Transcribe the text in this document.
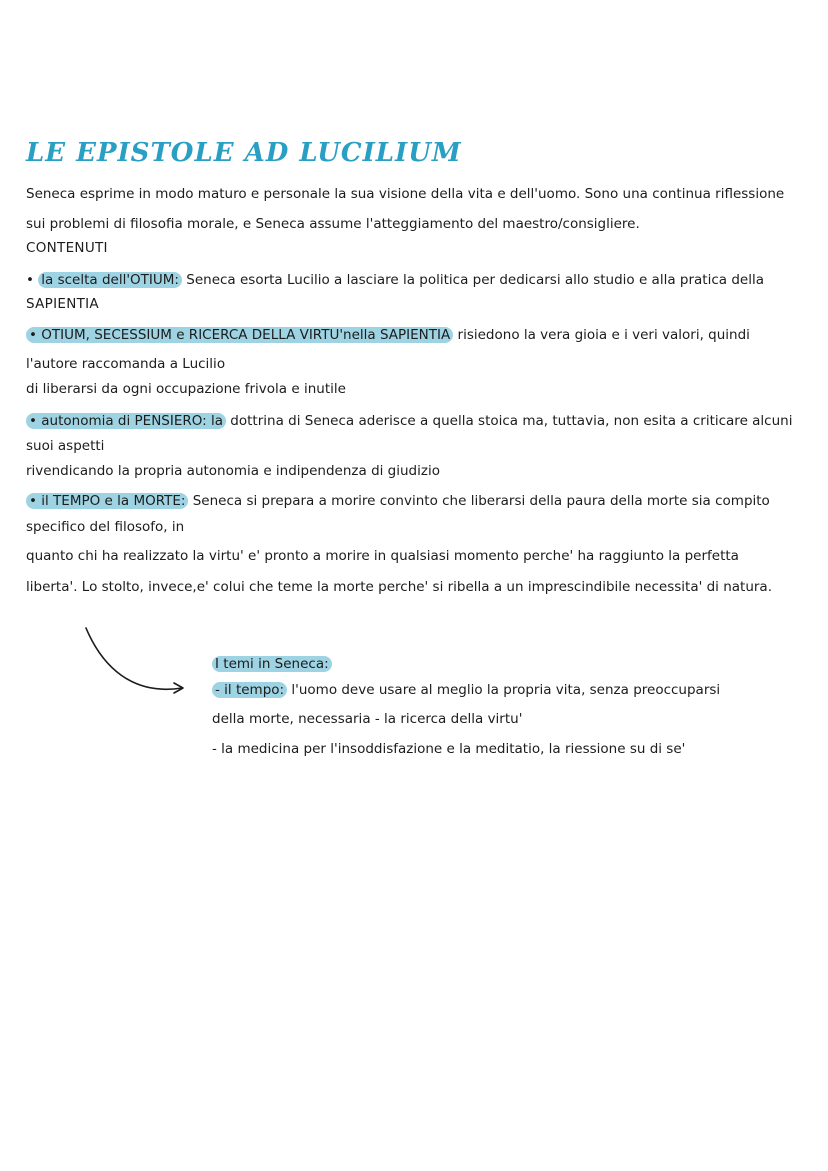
LE EPISTOLE AD LUCILIUM
Seneca esprime in modo maturo e personale la sua visione della vita e dell'uomo. Sono una continua riflessione
sui problemi di filosofia morale, e Seneca assume l'atteggiamento del maestro/consigliere.
CONTENUTI
• la scelta dell'OTIUM: Seneca esorta Lucilio a lasciare la politica per dedicarsi allo studio e alla pratica della
SAPIENTIA
• OTIUM, SECESSIUM e RICERCA DELLA VIRTU'nella SAPIENTIA risiedono la vera gioia e i veri valori, quindi
l'autore raccomanda a Lucilio
di liberarsi da ogni occupazione frivola e inutile
• autonomia di PENSIERO: la dottrina di Seneca aderisce a quella stoica ma, tuttavia, non esita a criticare alcuni
suoi aspetti
rivendicando la propria autonomia e indipendenza di giudizio
• il TEMPO e la MORTE: Seneca si prepara a morire convinto che liberarsi della paura della morte sia compito
specifico del filosofo, in
quanto chi ha realizzato la virtu' e' pronto a morire in qualsiasi momento perche' ha raggiunto la perfetta
liberta'. Lo stolto, invece,e' colui che teme la morte perche' si ribella a un imprescindibile necessita' di natura.
I temi in Seneca:
- il tempo: l'uomo deve usare al meglio la propria vita, senza preoccuparsi
della morte, necessaria - la ricerca della virtu'
- la medicina per l'insoddisfazione e la meditatio, la riessione su di se'
